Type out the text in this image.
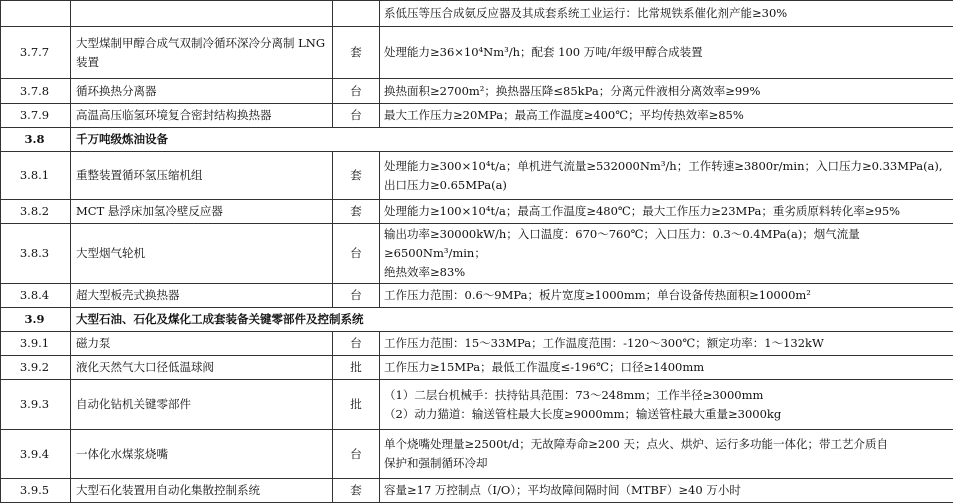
			系低压等压合成氨反应器及其成套系统工业运行：比常规铁系催化剂产能≥30%
3.7.7	大型煤制甲醇合成气双制冷循环深冷分离制 LNG 装置	套	处理能力≥36×10⁴Nm³/h；配套 100 万吨/年级甲醇合成装置
3.7.8	循环换热分离器	台	换热面积≥2700m²；换热器压降≤85kPa；分离元件液相分离效率≥99%
3.7.9	高温高压临氢环境复合密封结构换热器	台	最大工作压力≥20MPa；最高工作温度≥400℃；平均传热效率≥85%
3.8	千万吨级炼油设备		
3.8.1	重整装置循环氢压缩机组	套	处理能力≥300×10⁴t/a；单机进气流量≥532000Nm³/h；工作转速≥3800r/min；入口压力≥0.33MPa(a),
出口压力≥0.65MPa(a)

3.8.2	MCT 悬浮床加氢冷壁反应器	套	处理能力≥100×10⁴t/a；最高工作温度≥480℃；最大工作压力≥23MPa；重劣质原料转化率≥95%
3.8.3	大型烟气轮机	台	输出功率≥30000kW/h；入口温度：670～760℃；入口压力：0.3～0.4MPa(a)；烟气流量≥6500Nm³/min；
绝热效率≥83%

3.8.4	超大型板壳式换热器	台	工作压力范围：0.6～9MPa；板片宽度≥1000mm；单台设备传热面积≥10000m²
3.9	大型石油、石化及煤化工成套装备关键零部件及控制系统		
3.9.1	磁力泵	台	工作压力范围：15～33MPa；工作温度范围：-120～300℃；额定功率：1～132kW
3.9.2	液化天然气大口径低温球阀	批	工作压力≥15MPa；最低工作温度≤-196℃；口径≥1400mm
3.9.3	自动化钻机关键零部件	批	（1）二层台机械手：扶持钻具范围：73～248mm；工作半径≥3000mm
（2）动力猫道：输送管柱最大长度≥9000mm；输送管柱最大重量≥3000kg

3.9.4	一体化水煤浆烧嘴	台	单个烧嘴处理量≥2500t/d；无故障寿命≥200 天；点火、烘炉、运行多功能一体化；带工艺介质自
保护和强制循环冷却

3.9.5	大型石化装置用自动化集散控制系统	套	容量≥17 万控制点（I/O）；平均故障间隔时间（MTBF）≥40 万小时
